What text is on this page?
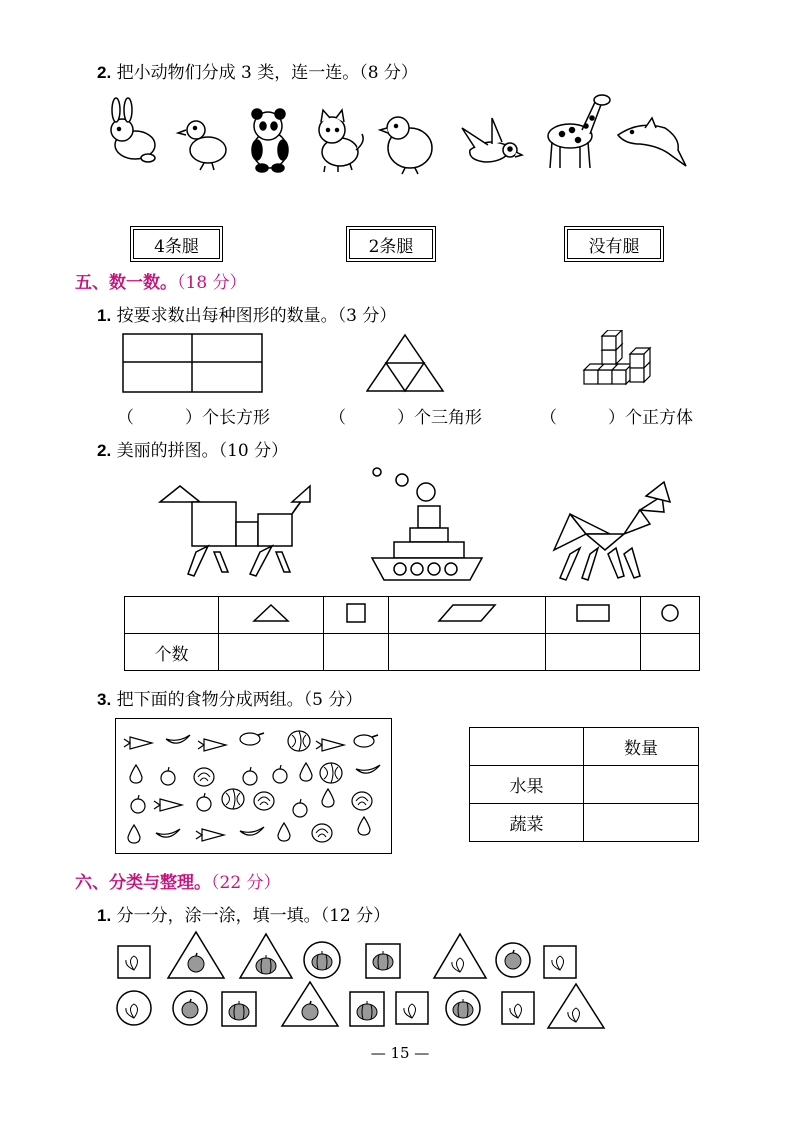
2. 把小动物们分成 3 类，连一连。（8 分）
4条腿	2条腿	没有腿
五、数一数。（18 分）
1. 按要求数出每种图形的数量。（3 分）
（　　　）个长方形	（　　　）个三角形	（　　　）个正方体
2. 美丽的拼图。（10 分）

个数					
3. 把下面的食物分成两组。（5 分）
	数量
水果	
蔬菜	
六、分类与整理。（22 分）
1. 分一分，涂一涂，填一填。（12 分）
— 15 —
